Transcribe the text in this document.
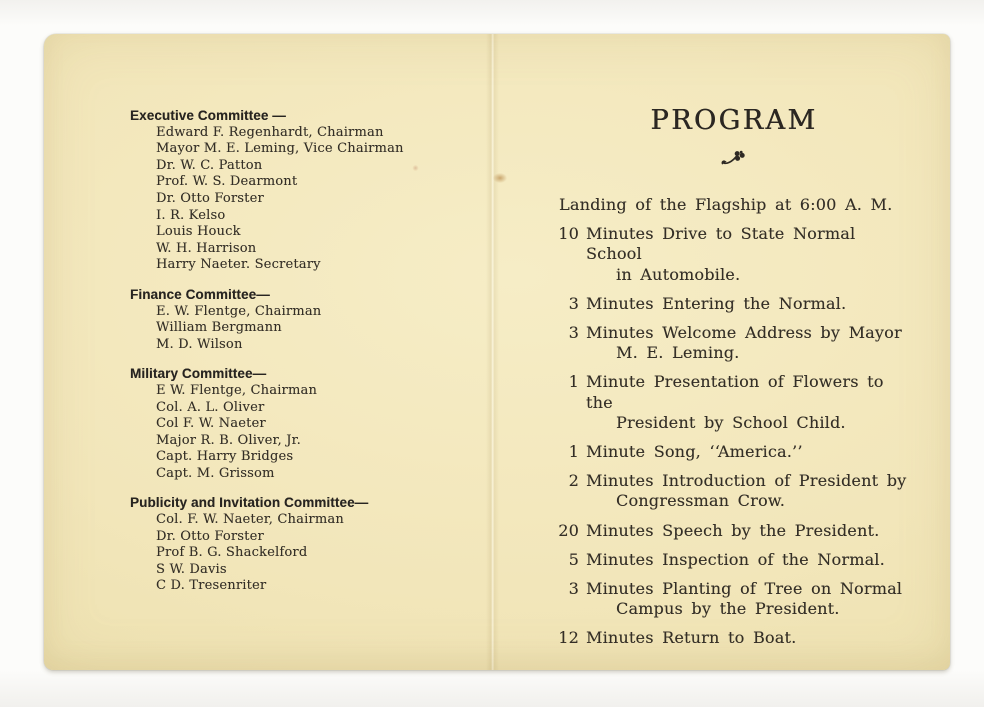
Executive Committee —
Edward F. Regenhardt, Chairman
Mayor M. E. Leming, Vice Chairman
Dr. W. C. Patton
Prof. W. S. Dearmont
Dr. Otto Forster
I. R. Kelso
Louis Houck
W. H. Harrison
Harry Naeter. Secretary
Finance Committee—
E. W. Flentge, Chairman
William Bergmann
M. D. Wilson
Military Committee—
E W. Flentge, Chairman
Col. A. L. Oliver
Col F. W. Naeter
Major R. B. Oliver, Jr.
Capt. Harry Bridges
Capt. M. Grissom
Publicity and Invitation Committee—
Col. F. W. Naeter, Chairman
Dr. Otto Forster
Prof B. G. Shackelford
S W. Davis
C D. Tresenriter
PROGRAM
Landing of the Flagship at 6:00 A. M.
10 Minutes Drive to State Normal School
in Automobile.
3 Minutes Entering the Normal.
3 Minutes Welcome Address by Mayor
M. E. Leming.
1 Minute Presentation of Flowers to the
President by School Child.
1 Minute Song, ‘‘America.’’
2 Minutes Introduction of President by
Congressman Crow.
20 Minutes Speech by the President.
5 Minutes Inspection of the Normal.
3 Minutes Planting of Tree on Normal
Campus by the President.
12 Minutes Return to Boat.
